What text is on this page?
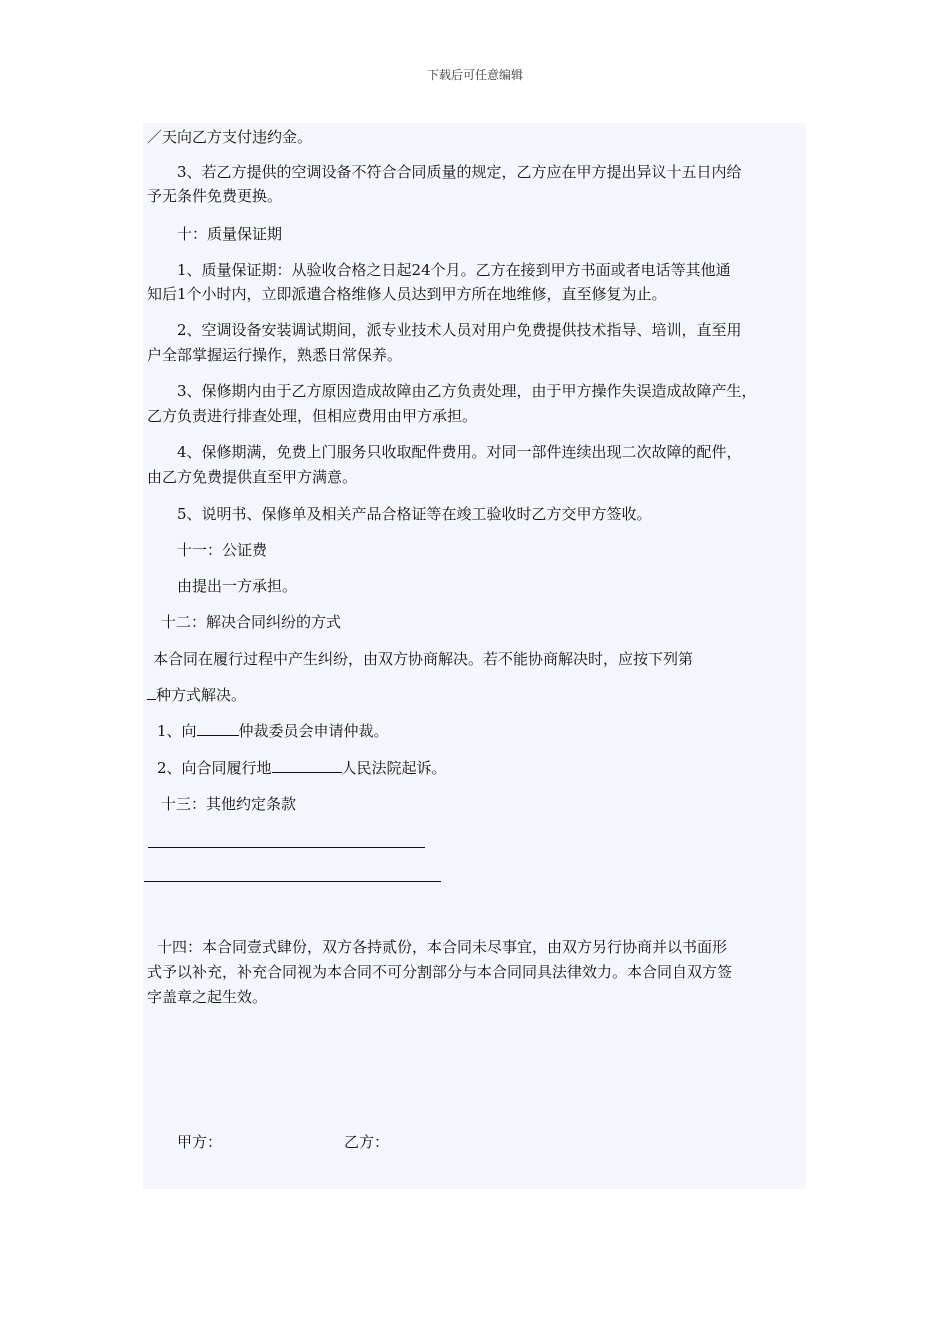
下载后可任意编辑
／天向乙方支付违约金。
3、若乙方提供的空调设备不符合合同质量的规定，乙方应在甲方提出异议十五日内给
予无条件免费更换。
十：质量保证期
1、质量保证期：从验收合格之日起24个月。乙方在接到甲方书面或者电话等其他通
知后1个小时内，立即派遣合格维修人员达到甲方所在地维修，直至修复为止。
2、空调设备安装调试期间，派专业技术人员对用户免费提供技术指导、培训，直至用
户全部掌握运行操作，熟悉日常保养。
3、保修期内由于乙方原因造成故障由乙方负责处理，由于甲方操作失误造成故障产生，
乙方负责进行排查处理，但相应费用由甲方承担。
4、保修期满，免费上门服务只收取配件费用。对同一部件连续出现二次故障的配件，
由乙方免费提供直至甲方满意。
5、说明书、保修单及相关产品合格证等在竣工验收时乙方交甲方签收。
十一：公证费
由提出一方承担。
十二：解决合同纠纷的方式
本合同在履行过程中产生纠纷，由双方协商解决。若不能协商解决时，应按下列第
种方式解决。
1、向	仲裁委员会申请仲裁。
2、向合同履行地	人民法院起诉。
十三：其他约定条款
十四：本合同壹式肆份，双方各持贰份，本合同未尽事宜，由双方另行协商并以书面形
式予以补充，补充合同视为本合同不可分割部分与本合同同具法律效力。本合同自双方签
字盖章之起生效。
甲方：	乙方：
